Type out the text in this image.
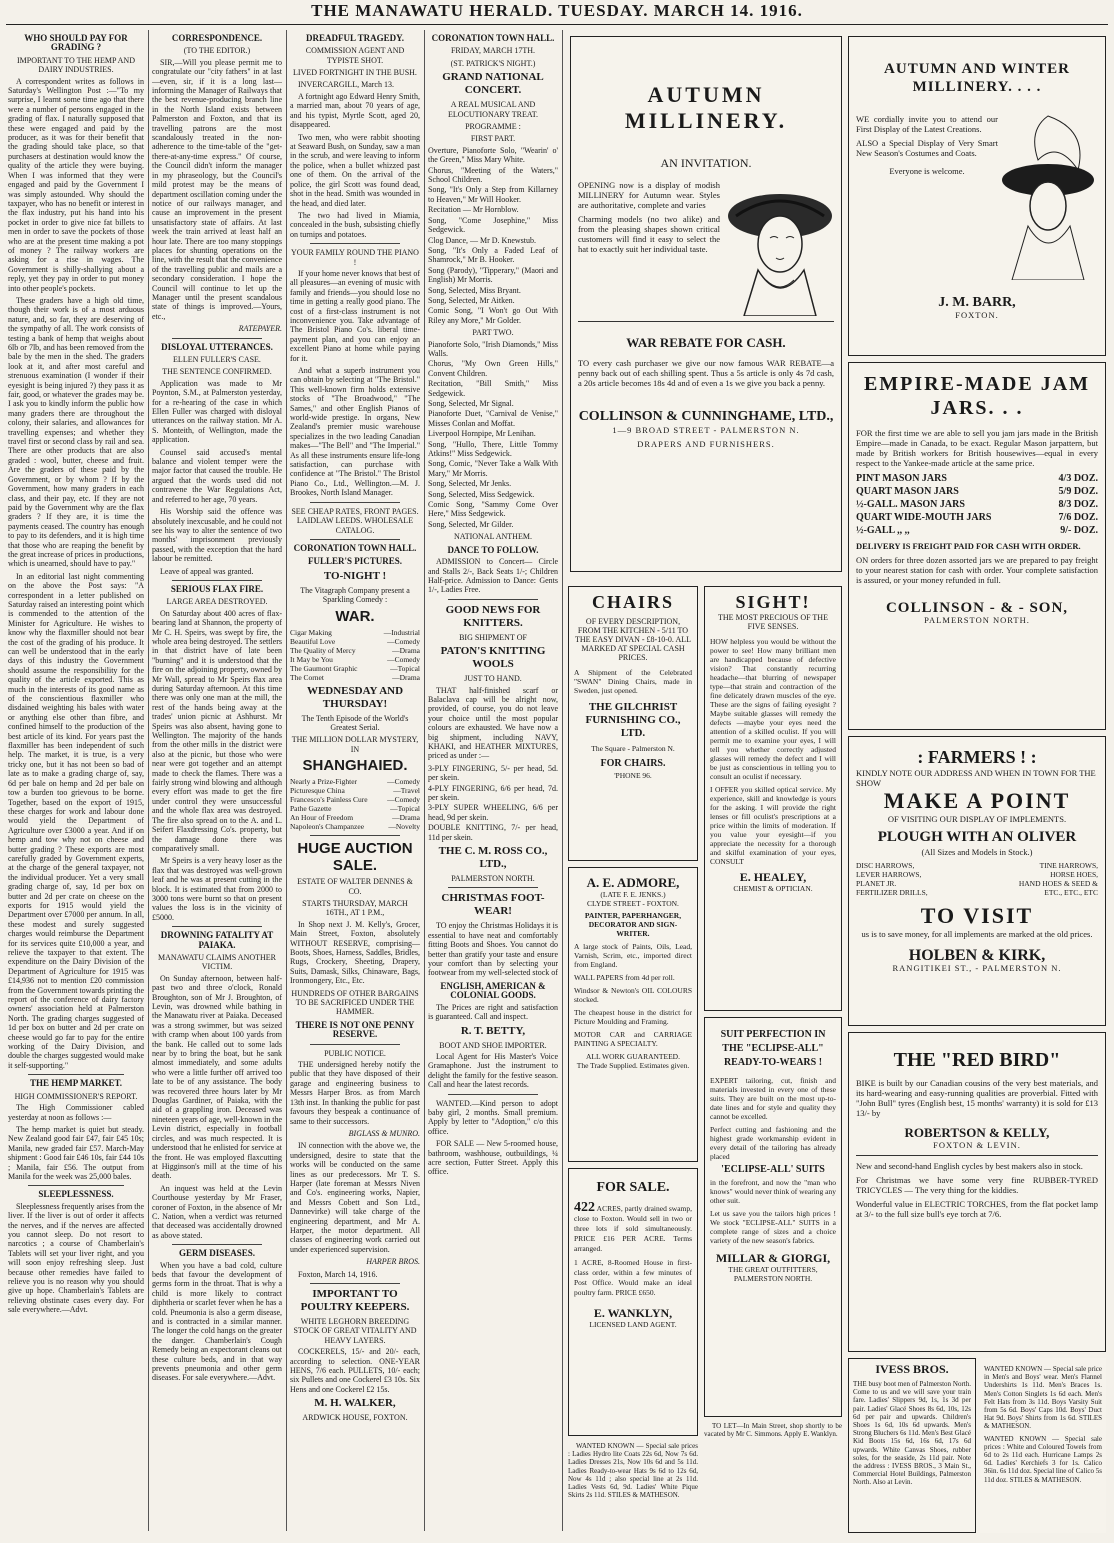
THE MANAWATU HERALD. TUESDAY. MARCH 14. 1916.
WHO SHOULD PAY FOR GRADING ?
IMPORTANT TO THE HEMP AND DAIRY INDUSTRIES.

A correspondent writes as follows in Saturday's Wellington Post :—"To my surprise, I learnt some time ago that there were a number of persons engaged in the grading of flax. I naturally supposed that these were engaged and paid by the producer, as it was for their benefit that the grading should take place, so that purchasers at destination would know the quality of the article they were buying. When I was informed that they were engaged and paid by the Government I was simply astounded. Why should the taxpayer, who has no benefit or interest in the flax industry, put his hand into his pocket in order to give nice fat billets to men in order to save the pockets of those who are at the present time making a pot of money ? The railway workers are asking for a rise in wages. The Government is shilly-shallying about a reply, yet they pay in order to put money into other people's pockets.

These graders have a high old time, though their work is of a most arduous nature, and, so far, they are deserving of the sympathy of all. The work consists of testing a bank of hemp that weighs about 6lb or 7lb, and has been removed from the bale by the men in the shed. The graders look at it, and after most careful and strenuous examination (I wonder if their eyesight is being injured ?) they pass it as fair, good, or whatever the grades may be. I ask you to kindly inform the public how many graders there are throughout the colony, their salaries, and allowances for travelling expenses; and whether they travel first or second class by rail and sea. There are other products that are also graded : wool, butter, cheese and fruit. Are the graders of these paid by the Government, or by whom ? If by the Government, how many graders in each class, and their pay, etc. If they are not paid by the Government why are the flax graders ? If they are, it is time the payments ceased. The country has enough to pay to its defenders, and it is high time that those who are reaping the benefit by the great increase of prices in productions, which is unearned, should have to pay."

In an editorial last night commenting on the above the Post says: "A correspondent in a letter published on Saturday raised an interesting point which is commended to the attention of the Minister for Agriculture. He wishes to know why the flaxmiller should not bear the cost of the grading of his produce. It can well be understood that in the early days of this industry the Government should assume the responsibility for the quality of the article exported. This as much in the interests of its good name as of the conscientious flaxmiller who disdained weighting his bales with water or anything else other than fibre, and confined himself to the production of the best article of its kind. For years past the flaxmiller has been independent of such help. The market, it is true, is a very tricky one, but it has not been so bad of late as to make a grading charge of, say, 6d per bale on hemp and 2d per bale on tow a burden too grievous to be borne. Together, based on the export of 1915, these charges for work and labour done would yield the Department of Agriculture over £3000 a year. And if on hemp and tow why not on cheese and butter grading ? These exports are most carefully graded by Government experts, at the charge of the general taxpayer, not the individual producer. Yet a very small grading charge of, say, 1d per box on butter and 2d per crate on cheese on the exports for 1915 would yield the Department over £7000 per annum. In all, these modest and surely suggested charges would reimburse the Department for its services quite £10,000 a year, and relieve the taxpayer to that extent. The expenditure on the Dairy Division of the Department of Agriculture for 1915 was £14,936 not to mention £20 commission from the Government towards printing the report of the conference of dairy factory owners' association held at Palmerston North. The grading charges suggested of 1d per box on butter and 2d per crate on cheese would go far to pay for the entire working of the Dairy Division, and double the charges suggested would make it self-supporting."

THE HEMP MARKET.
HIGH COMMISSIONER'S REPORT.

The High Commissioner cabled yesterday at noon as follows :—

The hemp market is quiet but steady. New Zealand good fair £47, fair £45 10s; Manila, new graded fair £57. March-May shipment : Good fair £46 10s, fair £44 10s ; Manila, fair £56. The output from Manila for the week was 25,000 bales.

SLEEPLESSNESS.

Sleeplessness frequently arises from the liver. If the liver is out of order it affects the nerves, and if the nerves are affected you cannot sleep. Do not resort to narcotics ; a course of Chamberlain's Tablets will set your liver right, and you will soon enjoy refreshing sleep. Just because other remedies have failed to relieve you is no reason why you should give up hope. Chamberlain's Tablets are relieving obstinate cases every day. For sale everywhere.—Advt.

CORRESPONDENCE.
(TO THE EDITOR.)

SIR,—Will you please permit me to congratulate our "city fathers" in at last—even, sir, if it is a long last—informing the Manager of Railways that the best revenue-producing branch line in the North Island exists between Palmerston and Foxton, and that its travelling patrons are the most scandalously treated in the non-adherence to the time-table of the "get-there-at-any-time express." Of course, the Council didn't inform the manager in my phraseology, but the Council's mild protest may be the means of department oscillation coming under the notice of our railways manager, and cause an improvement in the present unsatisfactory state of affairs. At last week the train arrived at least half an hour late. There are too many stoppings places for shunting operations on the line, with the result that the convenience of the travelling public and mails are a secondary consideration. I hope the Council will continue to let up the Manager until the present scandalous state of things is improved.—Yours, etc.,

RATEPAYER.

DISLOYAL UTTERANCES.
ELLEN FULLER'S CASE.
THE SENTENCE CONFIRMED.

Application was made to Mr Poynton, S.M., at Palmerston yesterday, for a re-hearing of the case in which Ellen Fuller was charged with disloyal utterances on the railway station. Mr A. S. Monteith, of Wellington, made the application.

Counsel said accused's mental balance and violent temper were the major factor that caused the trouble. He argued that the words used did not contravene the War Regulations Act, and referred to her age, 70 years.

His Worship said the offence was absolutely inexcusable, and he could not see his way to alter the sentence of two months' imprisonment previously passed, with the exception that the hard labour be remitted.

Leave of appeal was granted.

SERIOUS FLAX FIRE.
LARGE AREA DESTROYED.

On Saturday about 400 acres of flax-bearing land at Shannon, the property of Mr C. H. Speirs, was swept by fire, the whole area being destroyed. The settlers in that district have of late been "burning" and it is understood that the fire on the adjoining property, owned by Mr Wall, spread to Mr Speirs flax area during Saturday afternoon. At this time there was only one man at the mill, the rest of the hands being away at the trades' union picnic at Ashhurst. Mr Speirs was also absent, having gone to Wellington. The majority of the hands from the other mills in the district were also at the picnic, but those who were near were got together and an attempt made to check the flames. There was a fairly strong wind blowing and although every effort was made to get the fire under control they were unsuccessful and the whole flax area was destroyed. The fire also spread on to the A. and L. Seifert Flaxdressing Co's. property, but the damage done there was comparatively small.

Mr Speirs is a very heavy loser as the flax that was destroyed was well-grown leaf and he was at present cutting in the block. It is estimated that from 2000 to 3000 tons were burnt so that on present values the loss is in the vicinity of £5000.

DROWNING FATALITY AT PAIAKA.
MANAWATU CLAIMS ANOTHER VICTIM.

On Sunday afternoon, between half-past two and three o'clock, Ronald Broughton, son of Mr J. Broughton, of Levin, was drowned while bathing in the Manawatu river at Paiaka. Deceased was a strong swimmer, but was seized with cramp when about 100 yards from the bank. He called out to some lads near by to bring the boat, but he sank almost immediately, and some adults who were a little further off arrived too late to be of any assistance. The body was recovered three hours later by Mr Douglas Gardiner, of Paiaka, with the aid of a grappling iron. Deceased was nineteen years of age, well-known in the Levin district, especially in football circles, and was much respected. It is understood that he enlisted for service at the front. He was employed flaxcutting at Higginson's mill at the time of his death.

An inquest was held at the Levin Courthouse yesterday by Mr Fraser, coroner of Foxton, in the absence of Mr C. Nation, when a verdict was returned that deceased was accidentally drowned as above stated.

GERM DISEASES.

When you have a bad cold, culture beds that favour the development of germs form in the throat. That is why a child is more likely to contract diphtheria or scarlet fever when he has a cold. Pneumonia is also a germ disease, and is contracted in a similar manner. The longer the cold hangs on the greater the danger. Chamberlain's Cough Remedy being an expectorant cleans out these culture beds, and in that way prevents pneumonia and other germ diseases. For sale everywhere.—Advt.

DREADFUL TRAGEDY.
COMMISSION AGENT AND TYPISTE SHOT.
LIVED FORTNIGHT IN THE BUSH.

INVERCARGILL, March 13.

A fortnight ago Edward Henry Smith, a married man, about 70 years of age, and his typist, Myrtle Scott, aged 20, disappeared.

Two men, who were rabbit shooting at Seaward Bush, on Sunday, saw a man in the scrub, and were leaving to inform the police, when a bullet whizzed past one of them. On the arrival of the police, the girl Scott was found dead, shot in the head. Smith was wounded in the head, and died later.

The two had lived in Miamia, concealed in the bush, subsisting chiefly on turnips and potatoes.

YOUR FAMILY ROUND THE PIANO !

If your home never knows that best of all pleasures—an evening of music with family and friends—you should lose no time in getting a really good piano. The cost of a first-class instrument is not inconvenience you. Take advantage of The Bristol Piano Co's. liberal time-payment plan, and you can enjoy an excellent Piano at home while paying for it.

And what a superb instrument you can obtain by selecting at "The Bristol." This well-known firm holds extensive stocks of "The Broadwood," "The Sames," and other English Pianos of world-wide prestige. In organs, New Zealand's premier music warehouse specializes in the two leading Canadian makes—"The Bell" and "The Imperial." As all these instruments ensure life-long satisfaction, can purchase with confidence at "The Bristol." The Bristol Piano Co., Ltd., Wellington.—M. J. Brookes, North Island Manager.

SEE CHEAP RATES, FRONT PAGES. LAIDLAW LEEDS. WHOLESALE CATALOG.

CORONATION TOWN HALL.
FULLER'S PICTURES.
TO-NIGHT !

The Vitagraph Company present a Sparkling Comedy :

WAR.
Cigar Making	—Industrial
Beautiful Love	—Comedy
The Quality of Mercy	—Drama
It May be You	—Comedy
The Gaumont Graphic	—Topical
The Cornet	—Drama
WEDNESDAY AND THURSDAY!

The Tenth Episode of the World's Greatest Serial.

THE MILLION DOLLAR MYSTERY, IN
SHANGHAIED.
Nearly a Prize-Fighter	—Comedy
Picturesque China	—Travel
Francesco's Painless Cure	—Comedy
Pathe Gazette	—Topical
An Hour of Freedom	—Drama
Napoleon's Champanzee	—Novelty
HUGE AUCTION SALE.
ESTATE OF WALTER DENNES & CO.
STARTS THURSDAY, MARCH 16TH., AT 1 P.M.,

In Shop next J. M. Kelly's, Grocer, Main Street, Foxton, absolutely WITHOUT RESERVE, comprising— Boots, Shoes, Harness, Saddles, Bridles, Rugs, Crockery, Sheeting, Drapery, Suits, Damask, Silks, Chinaware, Bags, Ironmongery, Etc., Etc.

HUNDREDS OF OTHER BARGAINS TO BE SACRIFICED UNDER THE HAMMER.
THERE IS NOT ONE PENNY RESERVE.
PUBLIC NOTICE.

THE undersigned hereby notify the public that they have disposed of their garage and engineering business to Messrs Harper Bros. as from March 13th inst. In thanking the public for past favours they bespeak a continuance of same to their successors.

BIGLASS & MUNRO.

IN connection with the above we, the undersigned, desire to state that the works will be conducted on the same lines as our predecessors. Mr T. S. Harper (late foreman at Messrs Niven and Co's. engineering works, Napier, and Messrs Cobett and Son Ltd., Dannevirke) will take charge of the engineering department, and Mr A. Harper, the motor department. All classes of engineering work carried out under experienced supervision.

HARPER BROS.

Foxton, March 14, 1916.

IMPORTANT TO POULTRY KEEPERS.
WHITE LEGHORN BREEDING STOCK OF GREAT VITALITY AND HEAVY LAYERS.

COCKERELS, 15/- and 20/- each, according to selection. ONE-YEAR HENS, 7/6 each. PULLETS, 10/- each; six Pullets and one Cockerel £3 10s. Six Hens and one Cockerel £2 15s.

M. H. WALKER,
ARDWICK HOUSE, FOXTON.
CORONATION TOWN HALL.
FRIDAY, MARCH 17TH.
(ST. PATRICK'S NIGHT.)
GRAND NATIONAL CONCERT.
A REAL MUSICAL AND ELOCUTIONARY TREAT.
PROGRAMME :
FIRST PART.

Overture, Pianoforte Solo, "Wearin' o' the Green," Miss Mary White.

Chorus, "Meeting of the Waters," School Children.

Song, "It's Only a Step from Killarney to Heaven," Mr Will Hooker.

Recitation — Mr Hornblow.

Song, "Come Josephine," Miss Sedgewick.

Clog Dance, — Mr D. Knewstub.

Song, "It's Only a Faded Leaf of Shamrock," Mr B. Hooker.

Song (Parody), "Tipperary," (Maori and English) Mr Morris.

Song, Selected, Miss Bryant.

Song, Selected, Mr Aitken.

Comic Song, "I Won't go Out With Riley any More," Mr Golder.

PART TWO.

Pianoforte Solo, "Irish Diamonds," Miss Walls.

Chorus, "My Own Green Hills," Convent Children.

Recitation, "Bill Smith," Miss Sedgewick.

Song, Selected, Mr Signal.

Pianoforte Duet, "Carnival de Venise," Misses Conlan and Moffat.

Liverpool Hornpipe, Mr Lenihan.

Song, "Hullo, There, Little Tommy Atkins!" Miss Sedgewick.

Song, Comic, "Never Take a Walk With Mary," Mr Morris.

Song, Selected, Mr Jenks.

Song, Selected, Miss Sedgewick.

Comic Song, "Sammy Come Over Here," Miss Sedgewick.

Song, Selected, Mr Gilder.

NATIONAL ANTHEM.
DANCE TO FOLLOW.

ADMISSION to Concert— Circle and Stalls 2/-, Back Seats 1/-; Children Half-price. Admission to Dance: Gents 1/-, Ladies Free.

GOOD NEWS FOR KNITTERS.
BIG SHIPMENT OF
PATON'S KNITTING WOOLS
JUST TO HAND.

THAT half-finished scarf or Balaclava cap will be alright now, provided, of course, you do not leave your choice until the most popular colours are exhausted. We have now a big shipment, including NAVY, KHAKI, and HEATHER MIXTURES, priced as under :—

3-PLY FINGERING, 5/- per head, 5d. per skein.

4-PLY FINGERING, 6/6 per head, 7d. per skein.

3-PLY SUPER WHEELING, 6/6 per head, 9d per skein.

DOUBLE KNITTING, 7/- per head, 11d per skein.

THE C. M. ROSS CO., LTD.,
PALMERSTON NORTH.
CHRISTMAS FOOT-WEAR!

TO enjoy the Christmas Holidays it is essential to have neat and comfortably fitting Boots and Shoes. You cannot do better than gratify your taste and ensure your comfort than by selecting your footwear from my well-selected stock of

ENGLISH, AMERICAN & COLONIAL GOODS.

The Prices are right and satisfaction is guaranteed. Call and inspect.

R. T. BETTY,
BOOT AND SHOE IMPORTER.

Local Agent for His Master's Voice Gramaphone. Just the instrument to delight the family for the festive season. Call and hear the latest records.

WANTED.—Kind person to adopt baby girl, 2 months. Small premium. Apply by letter to "Adoption," c/o this office.

FOR SALE — New 5-roomed house, bathroom, washhouse, outbuildings, ¼ acre section, Futter Street. Apply this office.

AUTUMN MILLINERY.
AN INVITATION.
OPENING now is a display of modish MILLINERY for Autumn wear. Styles are authoritative, complete and varies
Charming models (no two alike) and from the pleasing shapes shown critical customers will find it easy to select the hat to exactly suit her individual taste.
WAR REBATE FOR CASH.
TO every cash purchaser we give our now famous WAR REBATE—a penny back out of each shilling spent. Thus a 5s article is only 4s 7d cash, a 20s article becomes 18s 4d and of even a 1s we give you back a penny.
COLLINSON & CUNNINGHAME, LTD.,
1—9 BROAD STREET - PALMERSTON N.
DRAPERS AND FURNISHERS.
AUTUMN AND WINTER MILLINERY. . . .
WE cordially invite you to attend our First Display of the Latest Creations.
ALSO a Special Display of Very Smart New Season's Costumes and Coats.
Everyone is welcome.
J. M. BARR,
FOXTON.
EMPIRE-MADE JAM JARS. . .
FOR the first time we are able to sell you jam jars made in the British Empire—made in Canada, to be exact. Regular Mason jarpattern, but made by British workers for British housewives—equal in every respect to the Yankee-made article at the same price.
PINT MASON JARS	4/3 DOZ.
QUART MASON JARS	5/9 DOZ.
½-GALL. MASON JARS	8/3 DOZ.
QUART WIDE-MOUTH JARS	7/6 DOZ.
½-GALL ,, ,,	9/- DOZ.
DELIVERY IS FREIGHT PAID FOR CASH WITH ORDER.
ON orders for three dozen assorted jars we are prepared to pay freight to your nearest station for cash with order. Your complete satisfaction is assured, or your money refunded in full.
COLLINSON - & - SON,
PALMERSTON NORTH.
: FARMERS ! :
KINDLY NOTE OUR ADDRESS AND WHEN IN TOWN FOR THE SHOW
MAKE A POINT
OF VISITING OUR DISPLAY OF IMPLEMENTS.
PLOUGH WITH AN OLIVER
(All Sizes and Models in Stock.)
DISC HARROWS,	TINE HARROWS,
LEVER HARROWS,	HORSE HOES,
PLANET JR.	HAND HOES & SEED &
FERTILIZER DRILLS,	ETC., ETC., ETC
TO VISIT
us is to save money, for all implements are marked at the old prices.
HOLBEN & KIRK,
RANGITIKEI ST., - PALMERSTON N.
THE "RED BIRD"
BIKE is built by our Canadian cousins of the very best materials, and its hard-wearing and easy-running qualities are proverbial. Fitted with "John Bull" tyres (English best, 15 months' warranty) it is sold for £13 13/- by
ROBERTSON & KELLY,
FOXTON & LEVIN.
New and second-hand English cycles by best makers also in stock.
For Christmas we have some very fine RUBBER-TYRED TRICYCLES — The very thing for the kiddies.
Wonderful value in ELECTRIC TORCHES, from the flat pocket lamp at 3/- to the full size bull's eye torch at 7/6.
IVESS BROS.
THE busy boot men of Palmerston North. Come to us and we will save your train fare. Ladies' Slippers 9d, 1s, 1s 3d per pair. Ladies' Glacé Shoes 8s 6d, 10s, 12s 6d per pair and upwards. Children's Shoes 1s 6d, 10s 6d upwards. Men's Strong Bluchers 6s 11d. Men's Best Glacé Kid Boots 15s 6d, 16s 6d, 17s 6d upwards. White Canvas Shoes, rubber soles, for the seaside, 2s 11d pair. Note the address : IVESS BROS., 3 Main St., Commercial Hotel Buildings, Palmerston North. Also at Levin.
WANTED KNOWN — Special sale price in Men's and Boys' wear. Men's Flannel Undershirts 1s 11d. Men's Braces 1s. Men's Cotton Singlets 1s 6d each. Men's Felt Hats from 3s 11d. Boys Varsity Suit from 5s 6d. Boys' Caps 10d. Boys' Duct Hat 9d. Boys' Shirts from 1s 6d. STILES & MATHESON.
WANTED KNOWN — Special sale prices : White and Coloured Towels from 6d to 2s 11d each. Hurricane Lamps 2s 6d. Ladies' Kerchiefs 3 for 1s. Calico 36in. 6s 11d doz. Special line of Calico 5s 11d doz. STILES & MATHESON.
CHAIRS
OF EVERY DESCRIPTION, FROM THE KITCHEN - 5/11 TO THE EASY DIVAN - £8-10-0. ALL MARKED AT SPECIAL CASH PRICES.
A Shipment of the Celebrated "SWAN" Dining Chairs, made in Sweden, just opened.
THE GILCHRIST FURNISHING CO., LTD.
The Square - Palmerston N.
FOR CHAIRS.
'PHONE 96.
SIGHT!
THE MOST PRECIOUS OF THE FIVE SENSES.
HOW helpless you would be without the power to see! How many brilliant men are handicapped because of defective vision? That constantly recurring headache—that blurring of newspaper type—that strain and contraction of the fine delicately drawn muscles of the eye. These are the signs of failing eyesight ? Maybe suitable glasses will remedy the defects —maybe your eyes need the attention of a skilled oculist. If you will permit me to examine your eyes, I will tell you whether correctly adjusted glasses will remedy the defect and I will be just as conscientious in telling you to consult an oculist if necessary.
I OFFER you skilled optical service. My experience, skill and knowledge is yours for the asking. I will provide the right lenses or fill oculist's prescriptions at a price within the limits of moderation. If you value your eyesight—if you appreciate the necessity for a thorough and skilful examination of your eyes, CONSULT
E. HEALEY,
CHEMIST & OPTICIAN.
A. E. ADMORE,
(LATE F. E. JENKS.)
CLYDE STREET - FOXTON.
PAINTER, PAPERHANGER, DECORATOR AND SIGN-WRITER.
A large stock of Paints, Oils, Lead, Varnish, Scrim, etc., imported direct from England.
WALL PAPERS from 4d per roll.
Windsor & Newton's OIL COLOURS stocked.
The cheapest house in the district for Picture Moulding and Framing.
MOTOR CAR and CARRIAGE PAINTING A SPECIALTY.
ALL WORK GUARANTEED.
The Trade Supplied. Estimates given.
SUIT PERFECTION IN THE "ECLIPSE-ALL" READY-TO-WEARS !
EXPERT tailoring, cut, finish and materials invested in every one of these suits. They are built on the most up-to-date lines and for style and quality they cannot be excelled.
Perfect cutting and fashioning and the highest grade workmanship evident in every detail of the tailoring has already placed
'ECLIPSE-ALL' SUITS
in the forefront, and now the "man who knows" would never think of wearing any other suit.
Let us save you the tailors high prices ! We stock "ECLIPSE-ALL" SUITS in a complete range of sizes and a choice variety of the new season's fabrics.
MILLAR & GIORGI,
THE GREAT OUTFITTERS,
PALMERSTON NORTH.
FOR SALE.
422 ACRES, partly drained swamp, close to Foxton. Would sell in two or three lots if sold simultaneously. PRICE £16 PER ACRE. Terms arranged.
1 ACRE, 8-Roomed House in first-class order, within a few minutes of Post Office. Would make an ideal poultry farm. PRICE £650.
E. WANKLYN,
LICENSED LAND AGENT.

WANTED KNOWN — Special sale prices : Ladies Hydro lite Coats 22s 6d, Now 7s 6d. Ladies Dresses 21s, Now 10s 6d and 5s 11d. Ladies Ready-to-wear Hats 9s 6d to 12s 6d, Now 4s 11d ; also special line at 2s 11d. Ladies Vests 6d, 9d. Ladies' White Pique Skirts 2s 11d. STILES & MATHESON.

TO LET—In Main Street, shop shortly to be vacated by Mr C. Simmons. Apply E. Wanklyn.
